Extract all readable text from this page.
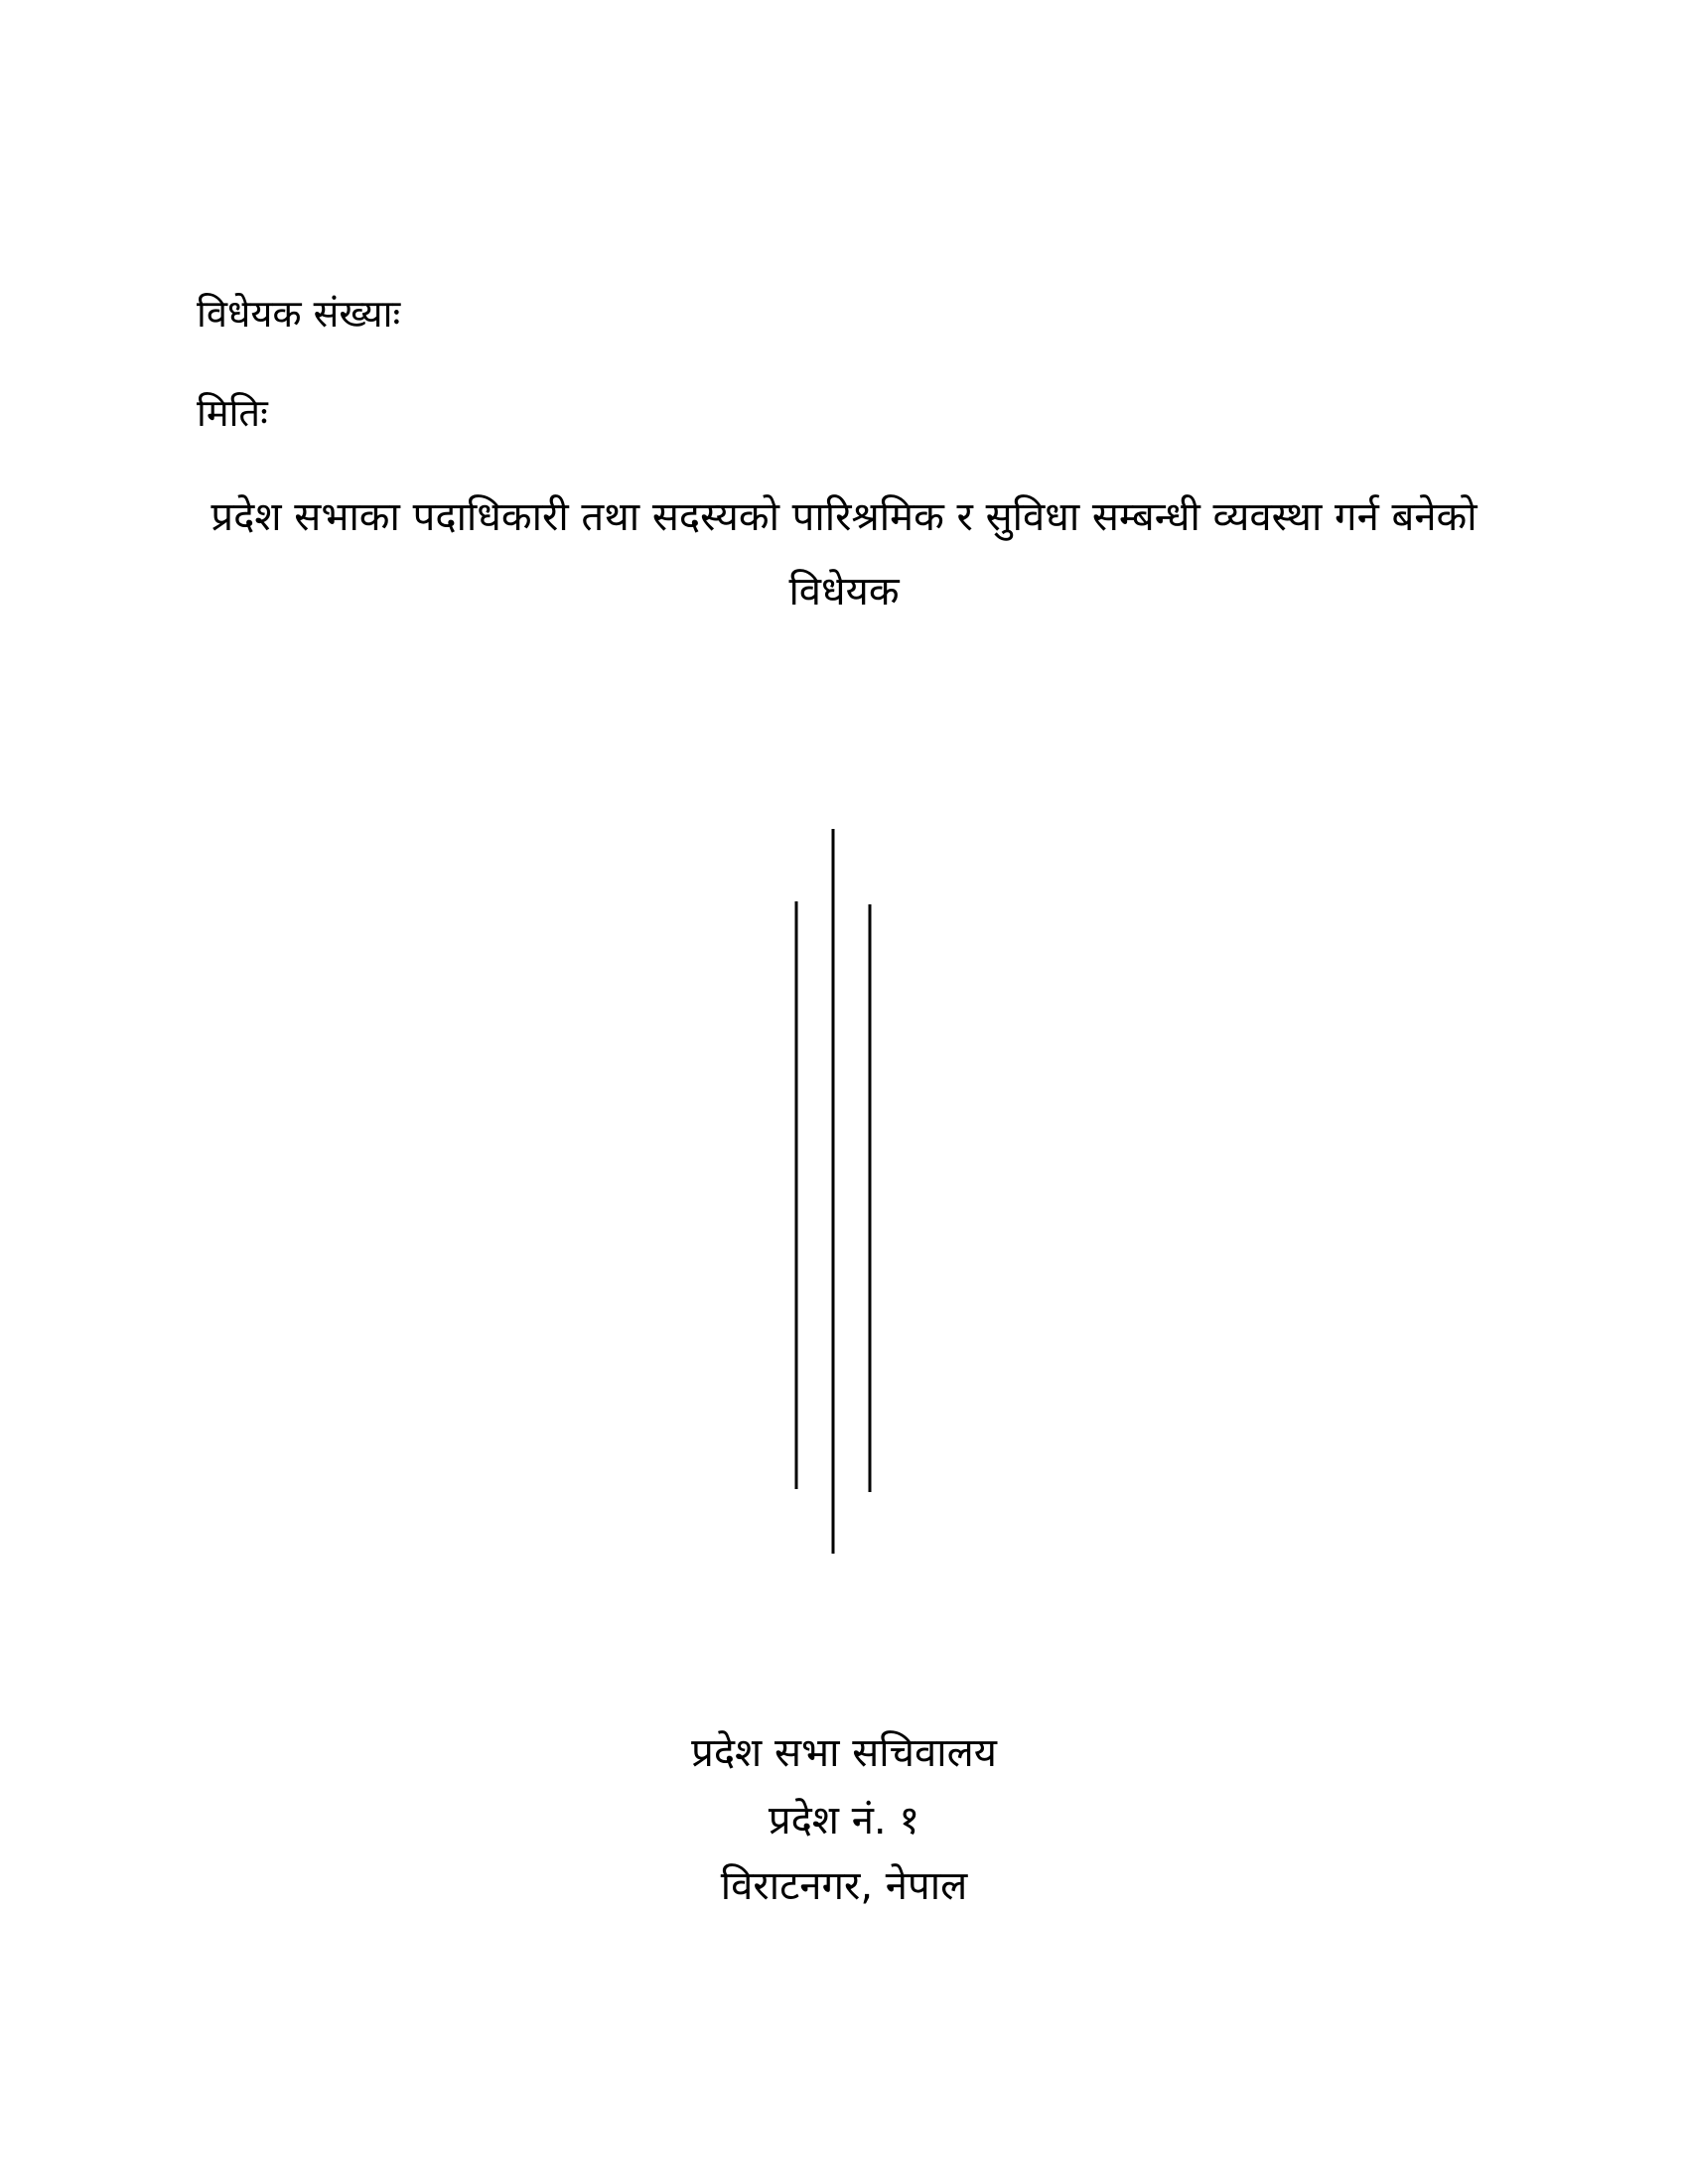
विधेयक संख्याः
मितिः
प्रदेश सभाका पदाधिकारी तथा सदस्यको पारिश्रमिक र सुविधा सम्बन्धी व्यवस्था गर्न बनेको
विधेयक
प्रदेश सभा सचिवालय
प्रदेश नं. १
विराटनगर, नेपाल
